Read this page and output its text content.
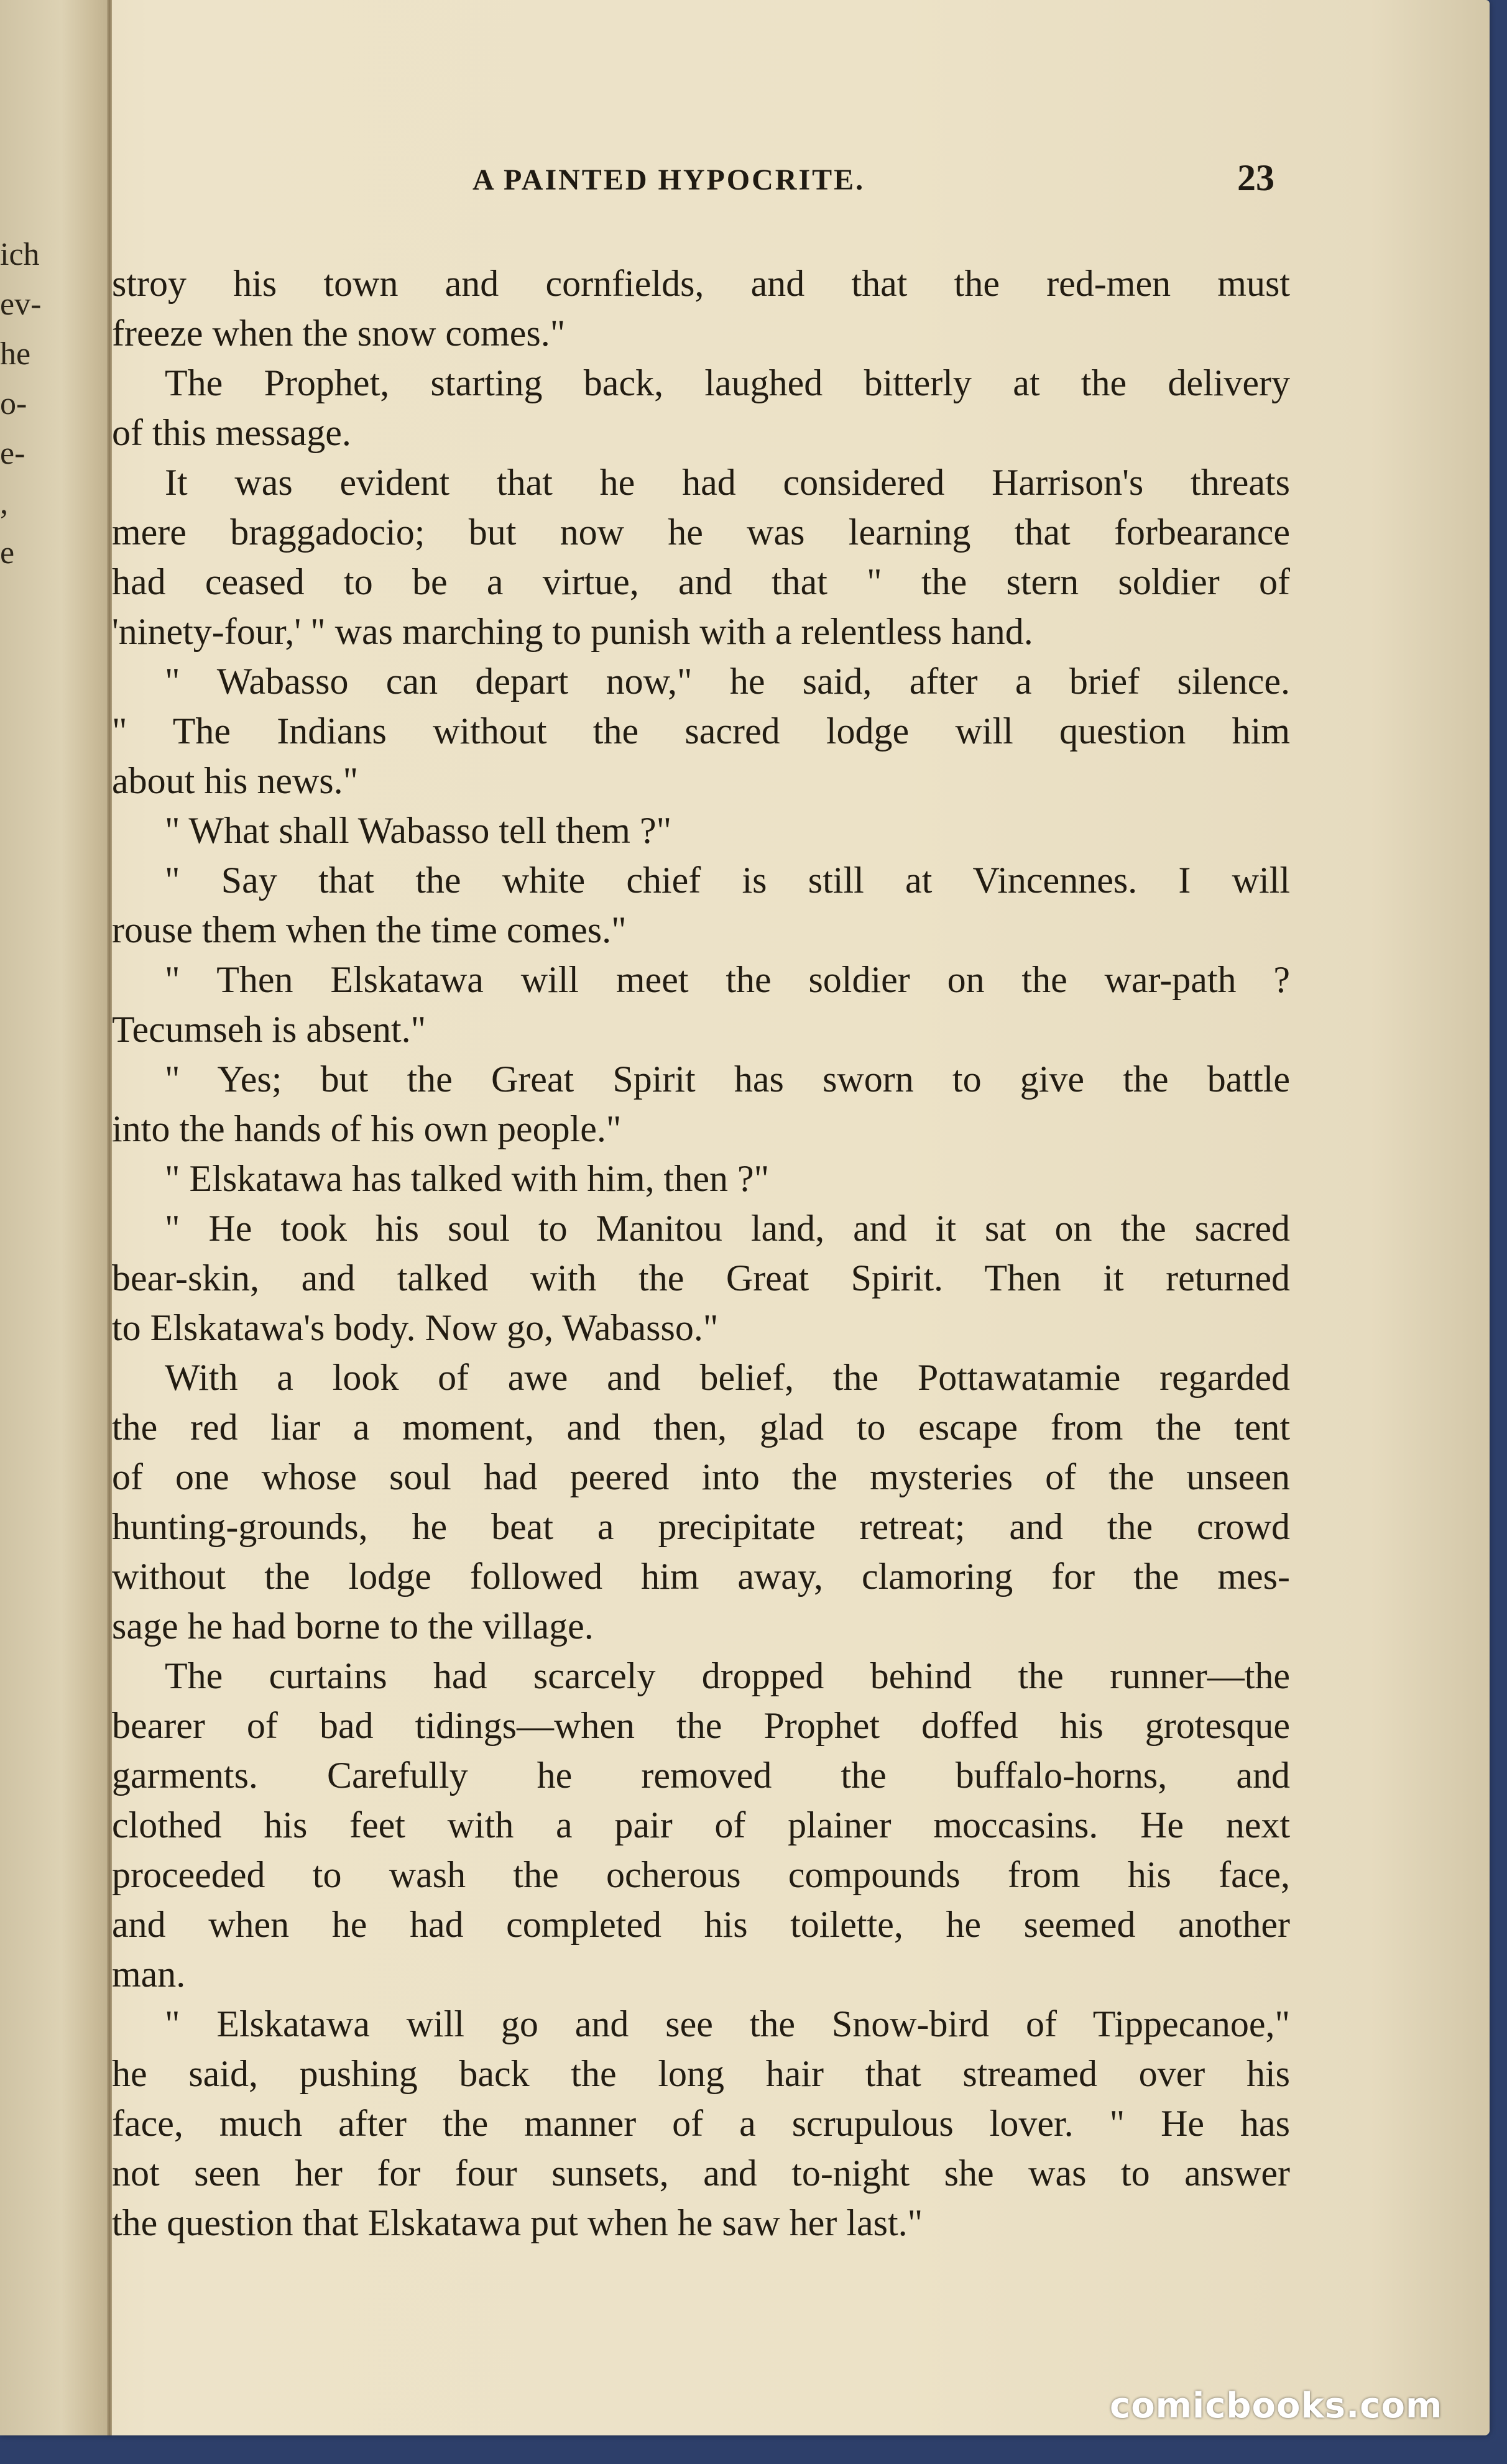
ich
ev-
he
o-
e-
,
e
A PAINTED HYPOCRITE.	23
stroy his town and cornfields, and that the red-men must
freeze when the snow comes."
The Prophet, starting back, laughed bitterly at the delivery
of this message.
It was evident that he had considered Harrison's threats
mere braggadocio; but now he was learning that forbearance
had ceased to be a virtue, and that " the stern soldier of
'ninety-four,' " was marching to punish with a relentless hand.
" Wabasso can depart now," he said, after a brief silence.
" The Indians without the sacred lodge will question him
about his news."
" What shall Wabasso tell them ?"
" Say that the white chief is still at Vincennes. I will
rouse them when the time comes."
" Then Elskatawa will meet the soldier on the war-path ?
Tecumseh is absent."
" Yes; but the Great Spirit has sworn to give the battle
into the hands of his own people."
" Elskatawa has talked with him, then ?"
" He took his soul to Manitou land, and it sat on the sacred
bear-skin, and talked with the Great Spirit. Then it returned
to Elskatawa's body. Now go, Wabasso."
With a look of awe and belief, the Pottawatamie regarded
the red liar a moment, and then, glad to escape from the tent
of one whose soul had peered into the mysteries of the unseen
hunting-grounds, he beat a precipitate retreat; and the crowd
without the lodge followed him away, clamoring for the mes-
sage he had borne to the village.
The curtains had scarcely dropped behind the runner—the
bearer of bad tidings—when the Prophet doffed his grotesque
garments. Carefully he removed the buffalo-horns, and
clothed his feet with a pair of plainer moccasins. He next
proceeded to wash the ocherous compounds from his face,
and when he had completed his toilette, he seemed another
man.
" Elskatawa will go and see the Snow-bird of Tippecanoe,"
he said, pushing back the long hair that streamed over his
face, much after the manner of a scrupulous lover. " He has
not seen her for four sunsets, and to-night she was to answer
the question that Elskatawa put when he saw her last."
comicbooks.com
